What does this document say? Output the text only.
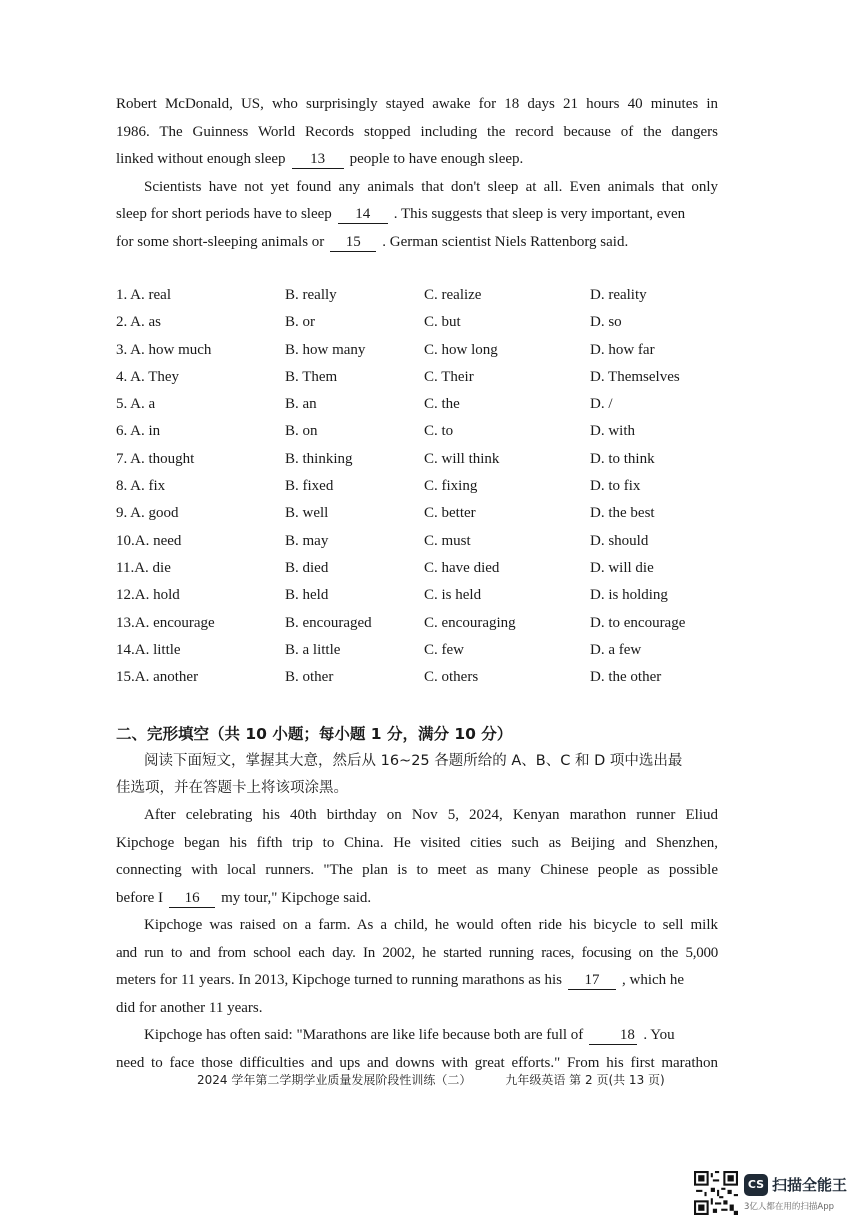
Robert McDonald, US, who surprisingly stayed awake for 18 days 21 hours 40 minutes in
1986. The Guinness World Records stopped including the record because of the dangers
linked without enough sleep 13 people to have enough sleep.
Scientists have not yet found any animals that don't sleep at all. Even animals that only
sleep for short periods have to sleep 14 . This suggests that sleep is very important, even
for some short-sleeping animals or 15 . German scientist Niels Rattenborg said.
1. A. real	B. really	C. realize	D. reality
2. A. as	B. or	C. but	D. so
3. A. how much	B. how many	C. how long	D. how far
4. A. They	B. Them	C. Their	D. Themselves
5. A. a	B. an	C. the	D. /
6. A. in	B. on	C. to	D. with
7. A. thought	B. thinking	C. will think	D. to think
8. A. fix	B. fixed	C. fixing	D. to fix
9. A. good	B. well	C. better	D. the best
10.A. need	B. may	C. must	D. should
11.A. die	B. died	C. have died	D. will die
12.A. hold	B. held	C. is held	D. is holding
13.A. encourage	B. encouraged	C. encouraging	D. to encourage
14.A. little	B. a little	C. few	D. a few
15.A. another	B. other	C. others	D. the other
二、完形填空（共 10 小题；每小题 1 分，满分 10 分）
阅读下面短文，掌握其大意，然后从 16~25 各题所给的 A、B、C 和 D 项中选出最
佳选项，并在答题卡上将该项涂黑。
After celebrating his 40th birthday on Nov 5, 2024, Kenyan marathon runner Eliud
Kipchoge began his fifth trip to China. He visited cities such as Beijing and Shenzhen,
connecting with local runners. "The plan is to meet as many Chinese people as possible
before I 16 my tour," Kipchoge said.
Kipchoge was raised on a farm. As a child, he would often ride his bicycle to sell milk
and run to and from school each day. In 2002, he started running races, focusing on the 5,000
meters for 11 years. In 2013, Kipchoge turned to running marathons as his 17 , which he
did for another 11 years.
Kipchoge has often said: "Marathons are like life because both are full of 18 . You
need to face those difficulties and ups and downs with great efforts." From his first marathon
2024 学年第二学期学业质量发展阶段性训练（二）	九年级英语 第 2 页(共 13 页)
CS 扫描全能王
3亿人都在用的扫描App
